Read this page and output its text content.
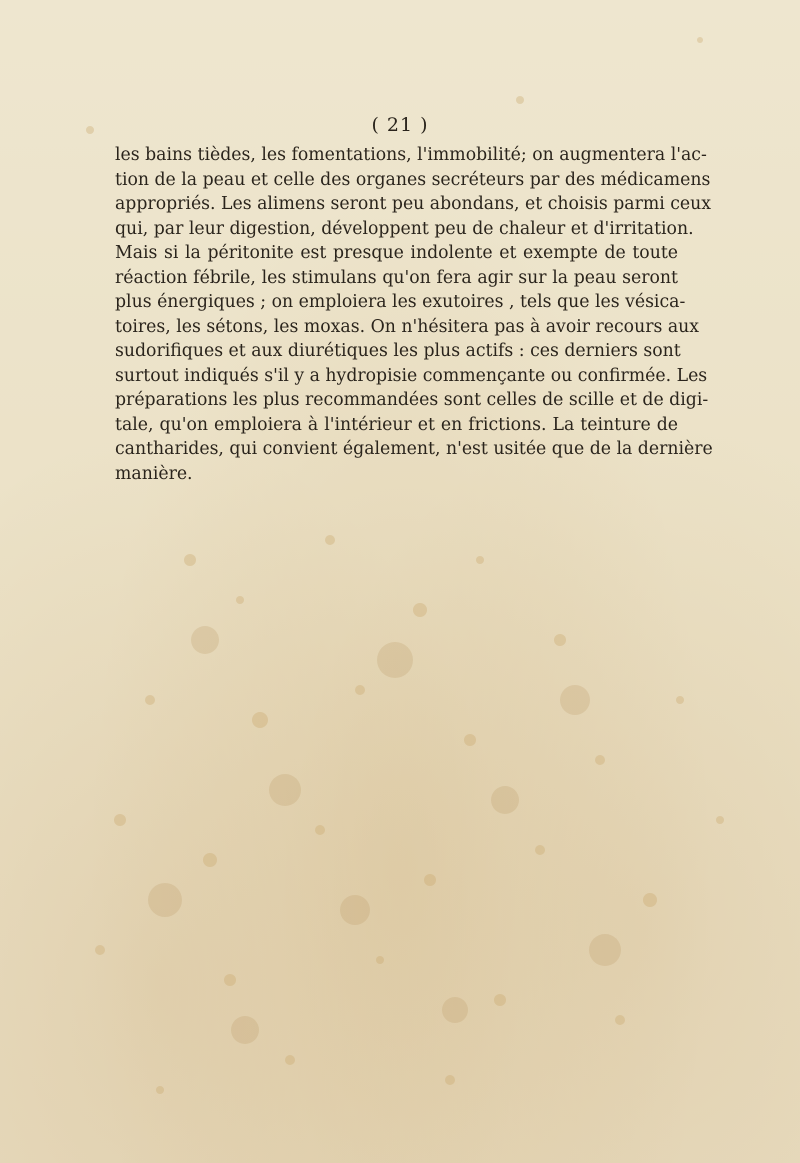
( 21 )
les bains tièdes, les fomentations, l'immobilité; on augmentera l'ac-
tion de la peau et celle des organes secréteurs par des médicamens
appropriés. Les alimens seront peu abondans, et choisis parmi ceux
qui, par leur digestion, développent peu de chaleur et d'irritation.
Mais si la péritonite est presque indolente et exempte de toute
réaction fébrile, les stimulans qu'on fera agir sur la peau seront
plus énergiques ; on emploiera les exutoires , tels que les vésica-
toires, les sétons, les moxas. On n'hésitera pas à avoir recours aux
sudorifiques et aux diurétiques les plus actifs : ces derniers sont
surtout indiqués s'il y a hydropisie commençante ou confirmée. Les
préparations les plus recommandées sont celles de scille et de digi-
tale, qu'on emploiera à l'intérieur et en frictions. La teinture de
cantharides, qui convient également, n'est usitée que de la dernière
manière.
